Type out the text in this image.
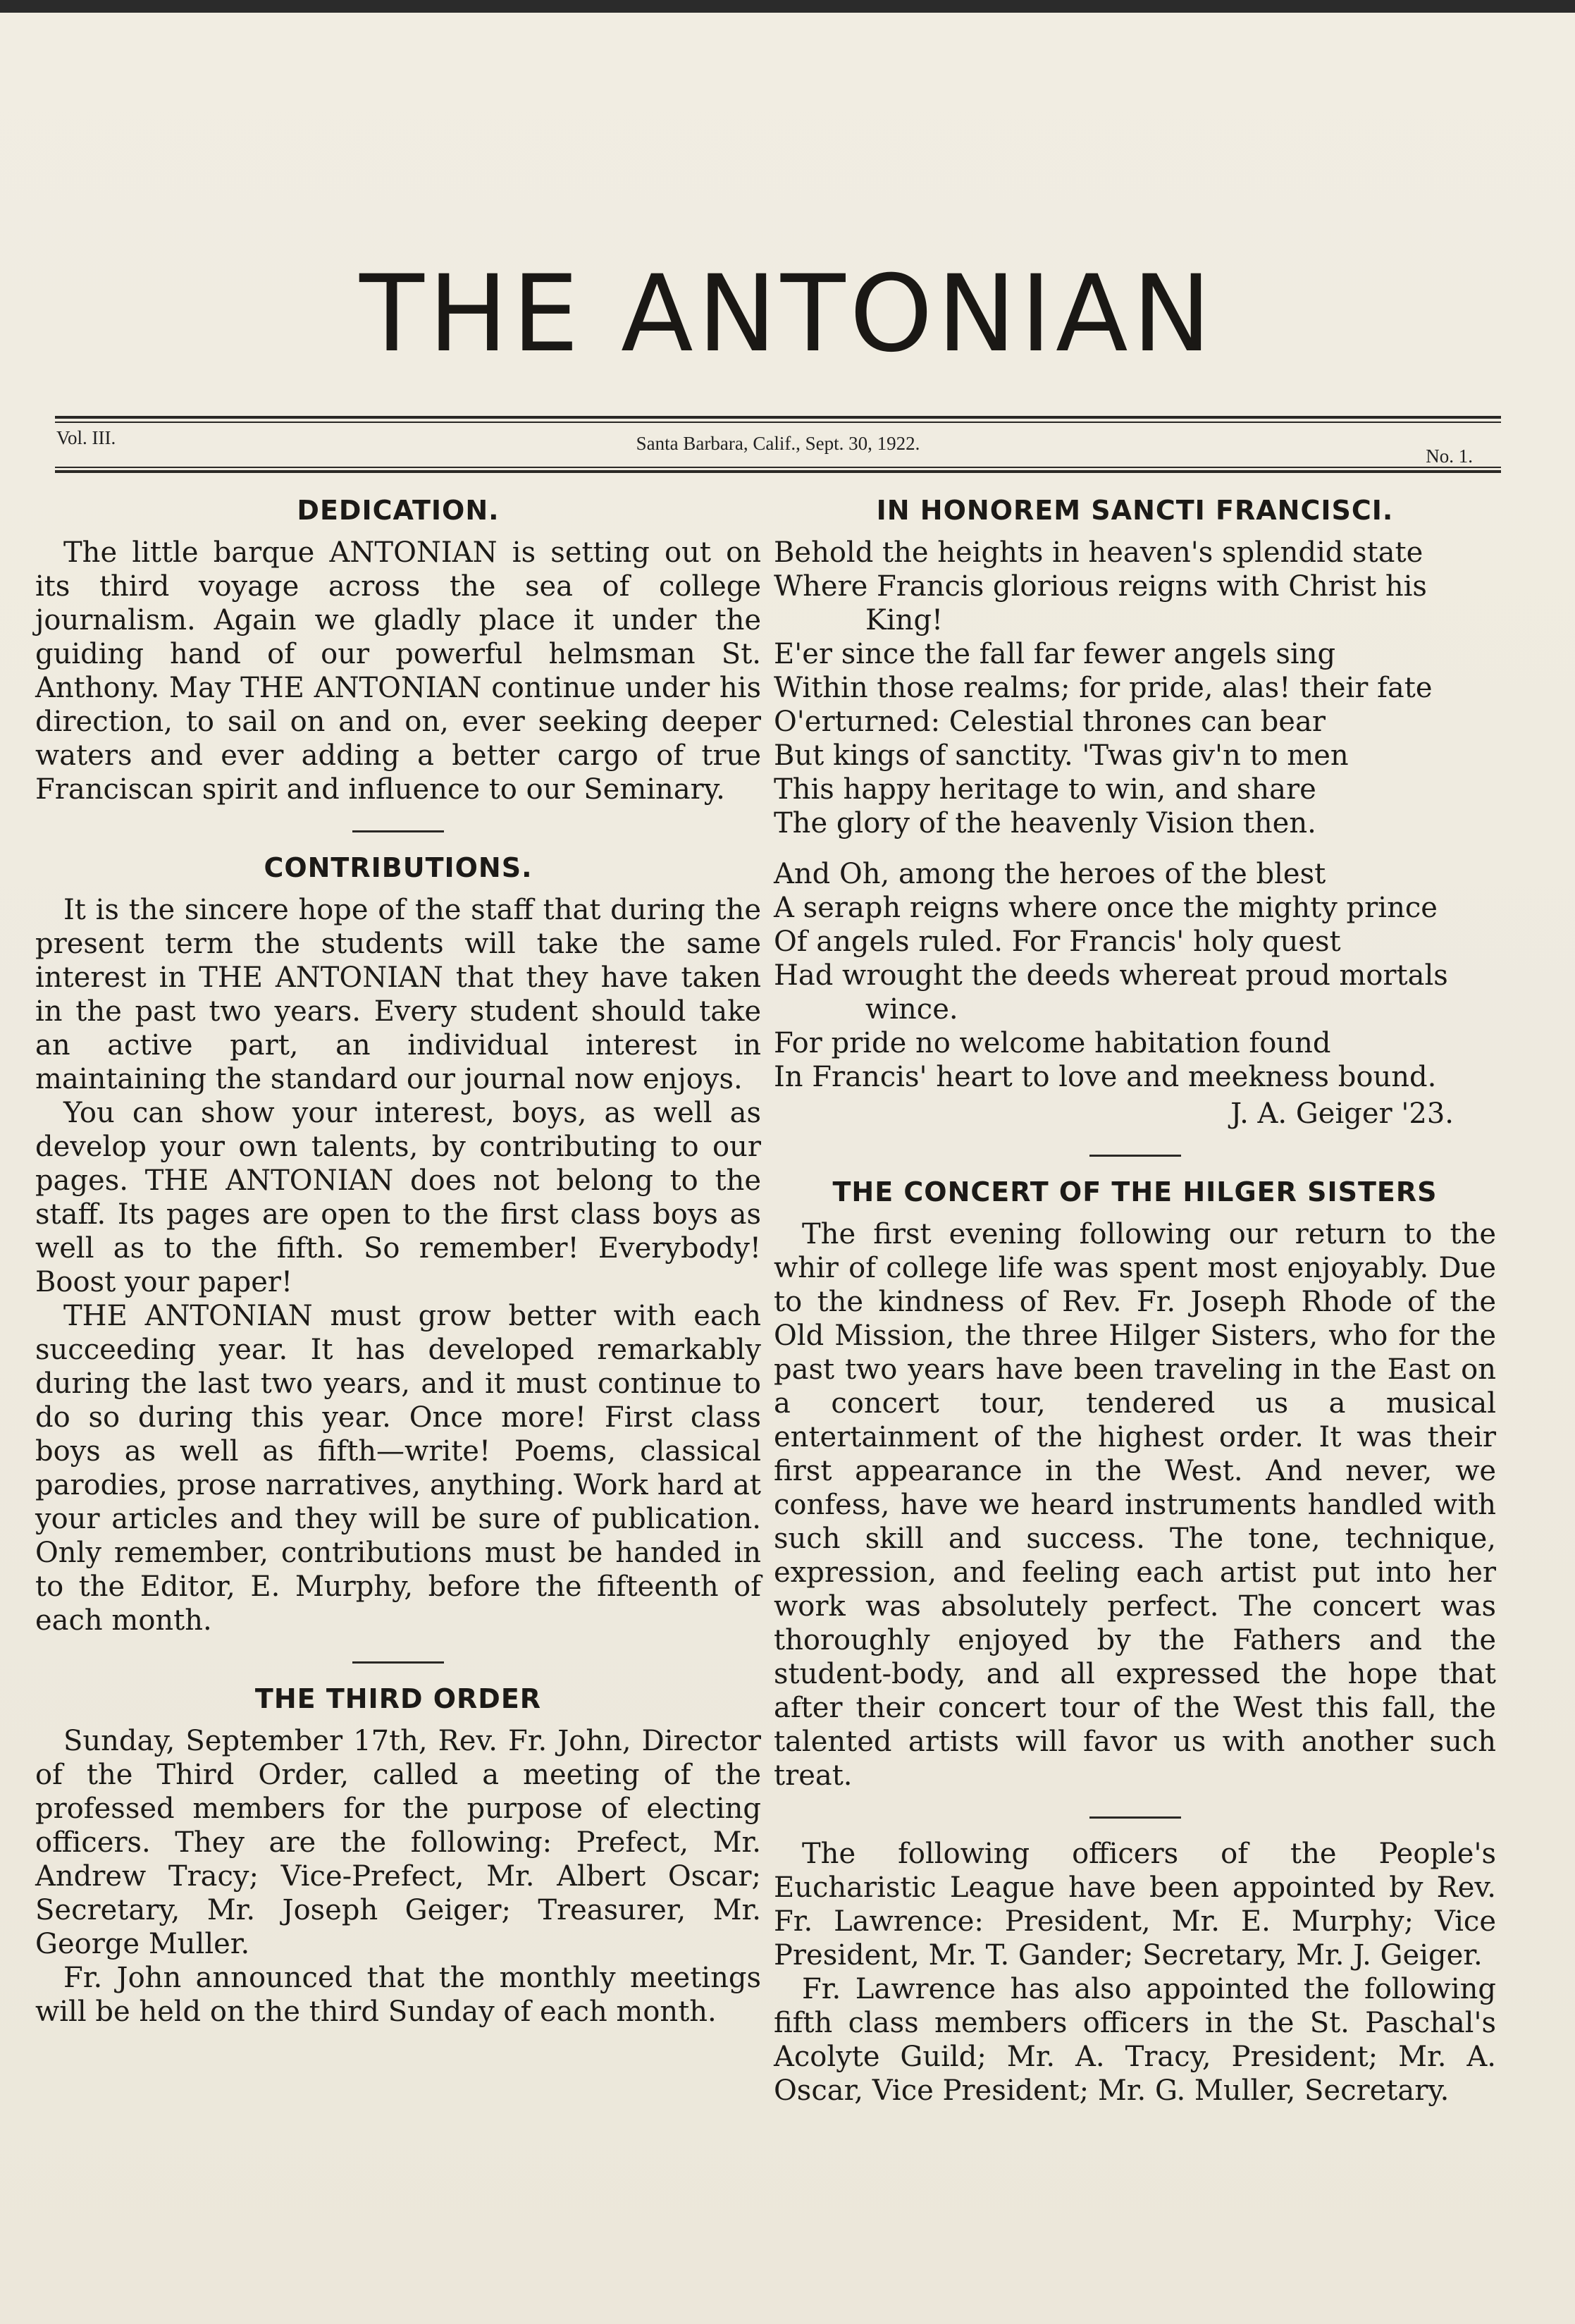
THE ANTONIAN
Vol. III.	Santa Barbara, Calif., Sept. 30, 1922.
No. 1.
DEDICATION.

The little barque ANTONIAN is setting out on its third voyage across the sea of college journalism. Again we gladly place it under the guiding hand of our powerful helmsman St. Anthony. May THE ANTONIAN continue under his direction, to sail on and on, ever seeking deeper waters and ever adding a better cargo of true Franciscan spirit and influence to our Seminary.

CONTRIBUTIONS.

It is the sincere hope of the staff that during the present term the students will take the same interest in THE ANTONIAN that they have taken in the past two years. Every student should take an active part, an individual interest in maintaining the standard our journal now enjoys.

You can show your interest, boys, as well as develop your own talents, by contributing to our pages. THE ANTONIAN does not belong to the staff. Its pages are open to the first class boys as well as to the fifth. So remember! Everybody! Boost your paper!

THE ANTONIAN must grow better with each succeeding year. It has developed remarkably during the last two years, and it must continue to do so during this year. Once more! First class boys as well as fifth—write! Poems, classical parodies, prose narratives, anything. Work hard at your articles and they will be sure of publication. Only remember, contributions must be handed in to the Editor, E. Murphy, before the fifteenth of each month.

THE THIRD ORDER

Sunday, September 17th, Rev. Fr. John, Director of the Third Order, called a meeting of the professed members for the purpose of electing officers. They are the following: Prefect, Mr. Andrew Tracy; Vice-Prefect, Mr. Albert Oscar; Secretary, Mr. Joseph Geiger; Treasurer, Mr. George Muller.

Fr. John announced that the monthly meetings will be held on the third Sunday of each month.

IN HONOREM SANCTI FRANCISCI.
Behold the heights in heaven's splendid state
Where Francis glorious reigns with Christ his
King!
E'er since the fall far fewer angels sing
Within those realms; for pride, alas! their fate
O'erturned: Celestial thrones can bear
But kings of sanctity. 'Twas giv'n to men
This happy heritage to win, and share
The glory of the heavenly Vision then.
And Oh, among the heroes of the blest
A seraph reigns where once the mighty prince
Of angels ruled. For Francis' holy quest
Had wrought the deeds whereat proud mortals
wince.
For pride no welcome habitation found
In Francis' heart to love and meekness bound.
J. A. Geiger '23.
THE CONCERT OF THE HILGER SISTERS

The first evening following our return to the whir of college life was spent most enjoyably. Due to the kindness of Rev. Fr. Joseph Rhode of the Old Mission, the three Hilger Sisters, who for the past two years have been traveling in the East on a concert tour, tendered us a musical entertainment of the highest order. It was their first appearance in the West. And never, we confess, have we heard instruments handled with such skill and success. The tone, technique, expression, and feeling each artist put into her work was absolutely perfect. The concert was thoroughly enjoyed by the Fathers and the student-body, and all expressed the hope that after their concert tour of the West this fall, the talented artists will favor us with another such treat.

The following officers of the People's Eucharistic League have been appointed by Rev. Fr. Lawrence: President, Mr. E. Murphy; Vice President, Mr. T. Gander; Secretary, Mr. J. Geiger.

Fr. Lawrence has also appointed the following fifth class members officers in the St. Paschal's Acolyte Guild; Mr. A. Tracy, President; Mr. A. Oscar, Vice President; Mr. G. Muller, Secretary.
